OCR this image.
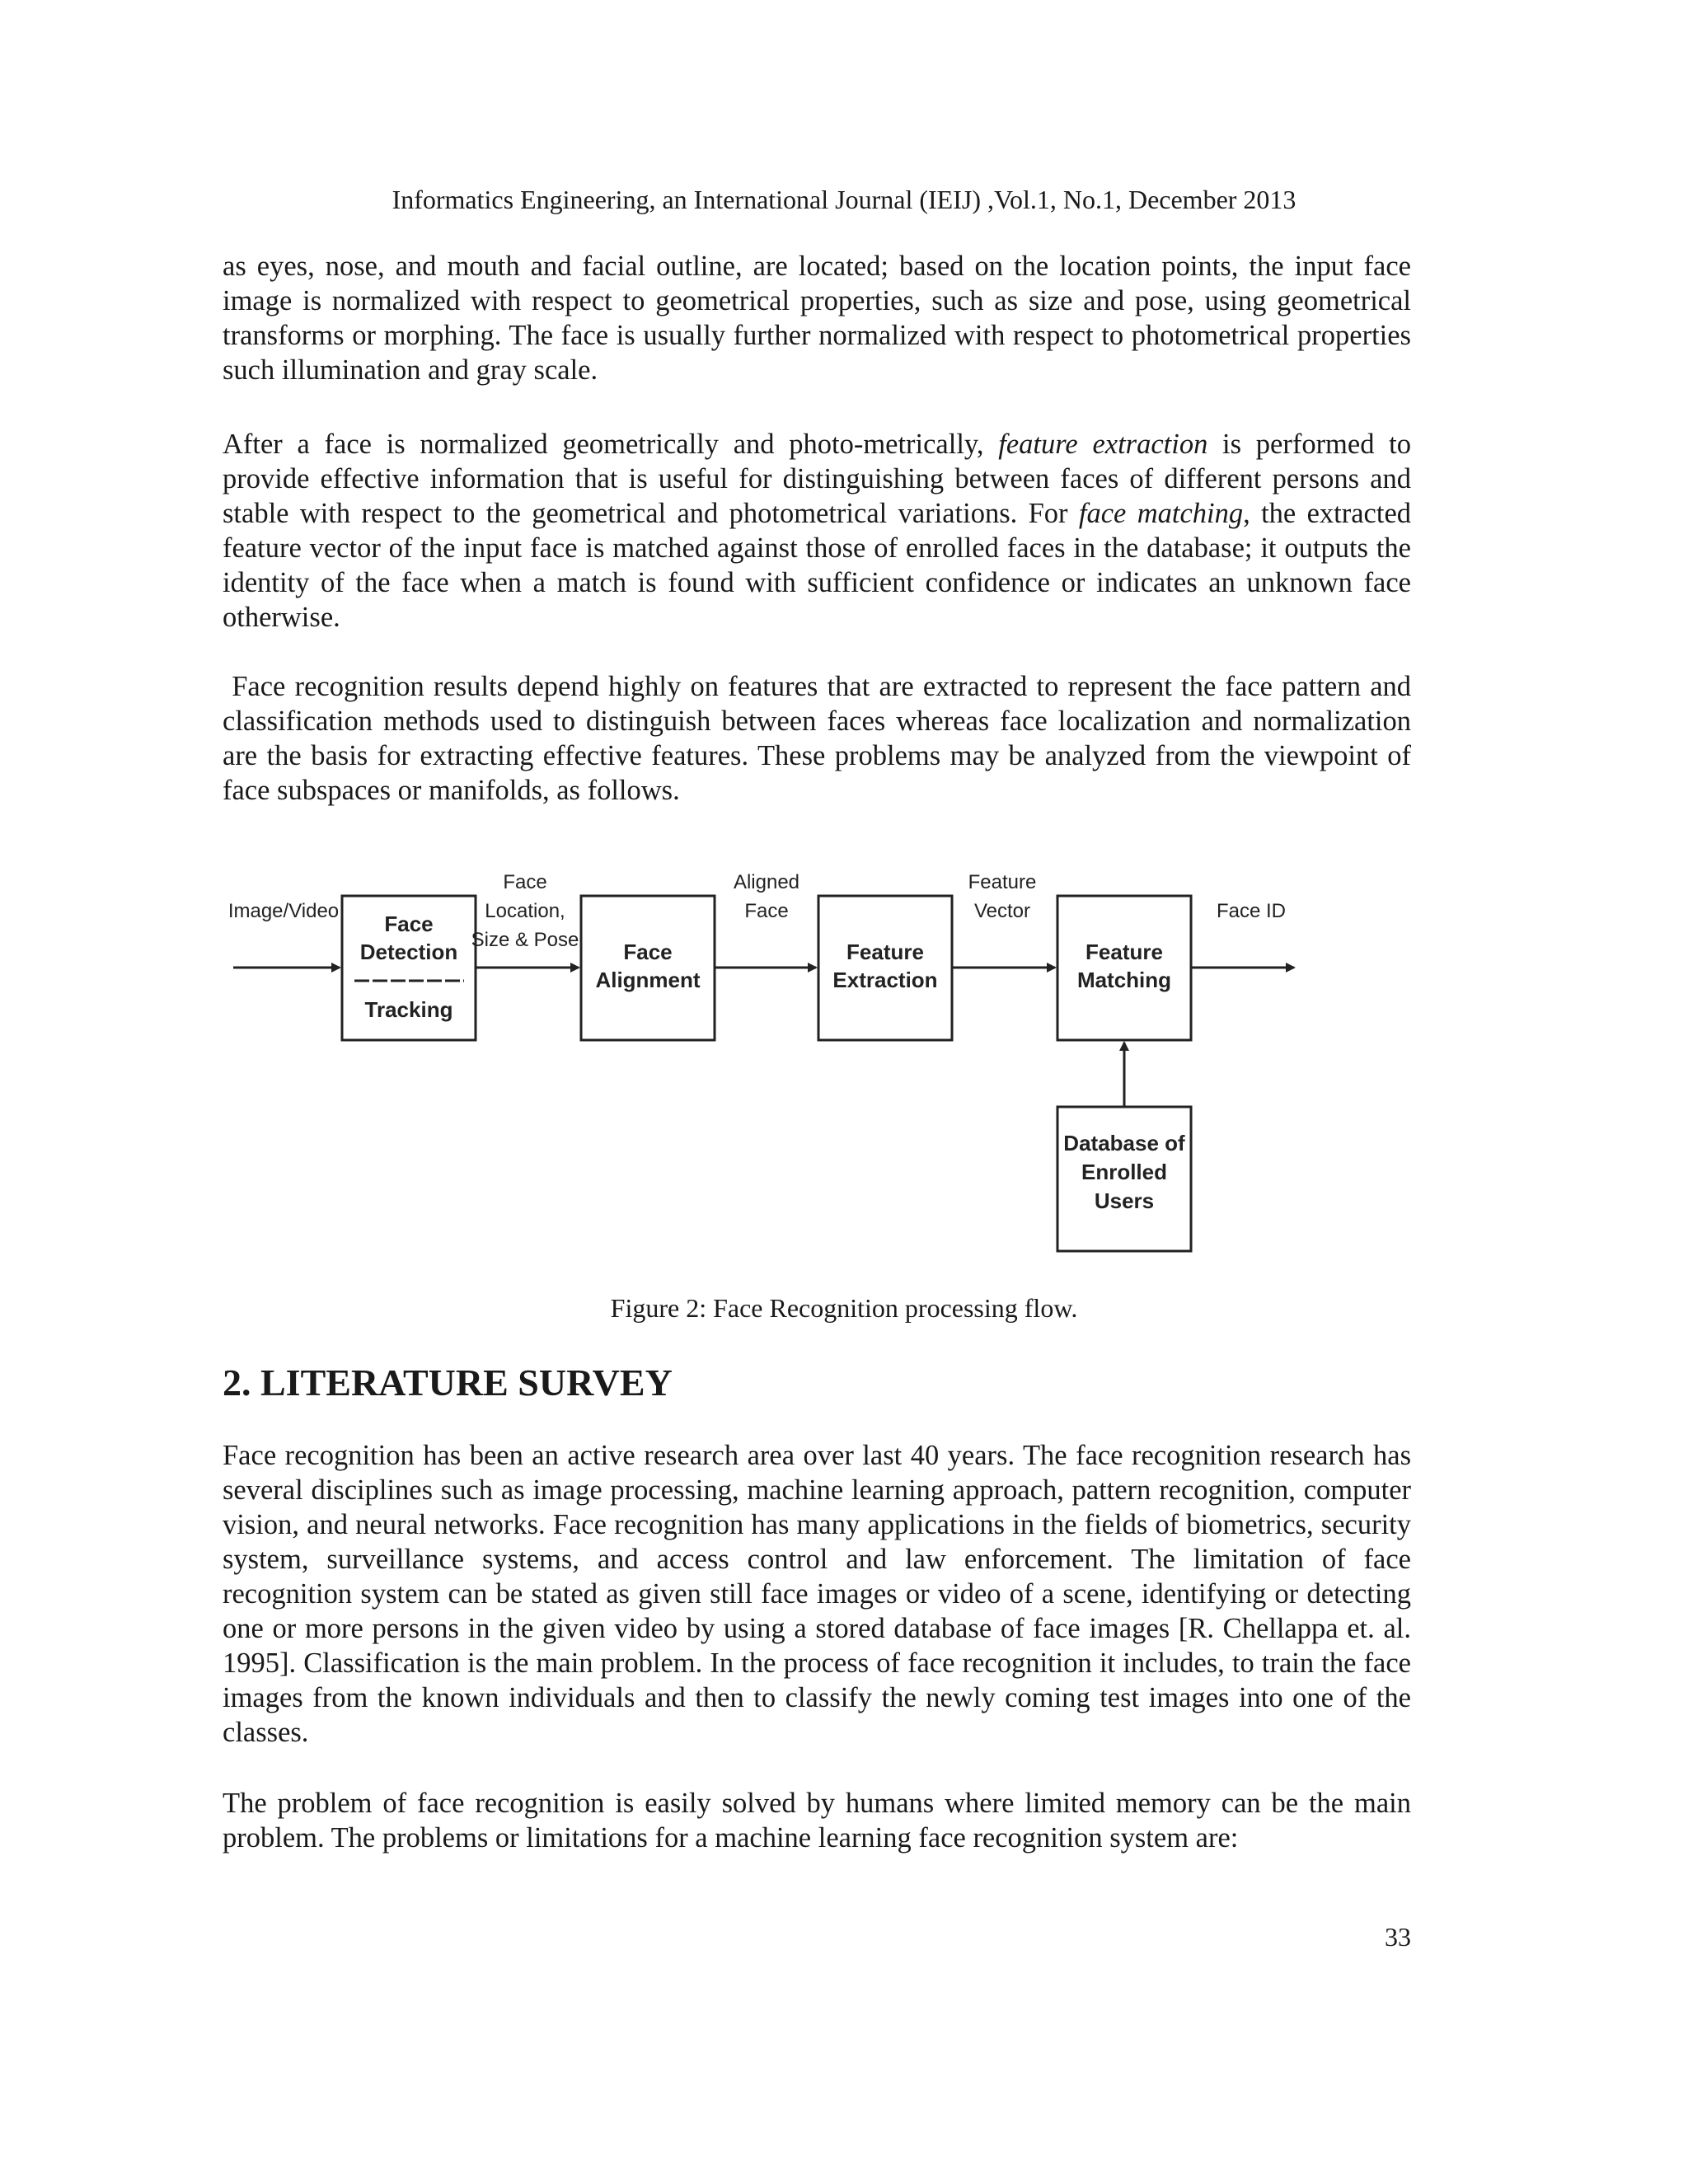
Informatics Engineering, an International Journal (IEIJ) ,Vol.1, No.1, December 2013

as eyes, nose, and mouth and facial outline, are located; based on the location points, the input face image is normalized with respect to geometrical properties, such as size and pose, using geometrical transforms or morphing. The face is usually further normalized with respect to photometrical properties such illumination and gray scale.

After a face is normalized geometrically and photo-metrically, feature extraction is performed to provide effective information that is useful for distinguishing between faces of different persons and stable with respect to the geometrical and photometrical variations. For face matching, the extracted feature vector of the input face is matched against those of enrolled faces in the database; it outputs the identity of the face when a match is found with sufficient confidence or indicates an unknown face otherwise.

Face recognition results depend highly on features that are extracted to represent the face pattern and classification methods used to distinguish between faces whereas face localization and normalization are the basis for extracting effective features. These problems may be analyzed from the viewpoint of face subspaces or manifolds, as follows.

Image/Video
Face
Detection
Tracking
Face
Location,
Size & Pose Face
Alignment
Aligned
Face
Feature
Extraction
Feature
Vector
Feature
Matching
Face ID
Database of
Enrolled
Users
Figure 2: Face Recognition processing flow.
2. LITERATURE SURVEY

Face recognition has been an active research area over last 40 years. The face recognition research has several disciplines such as image processing, machine learning approach, pattern recognition, computer vision, and neural networks. Face recognition has many applications in the fields of biometrics, security system, surveillance systems, and access control and law enforcement. The limitation of face recognition system can be stated as given still face images or video of a scene, identifying or detecting one or more persons in the given video by using a stored database of face images [R. Chellappa et. al. 1995]. Classification is the main problem. In the process of face recognition it includes, to train the face images from the known individuals and then to classify the newly coming test images into one of the classes.

The problem of face recognition is easily solved by humans where limited memory can be the main problem. The problems or limitations for a machine learning face recognition system are:

33
